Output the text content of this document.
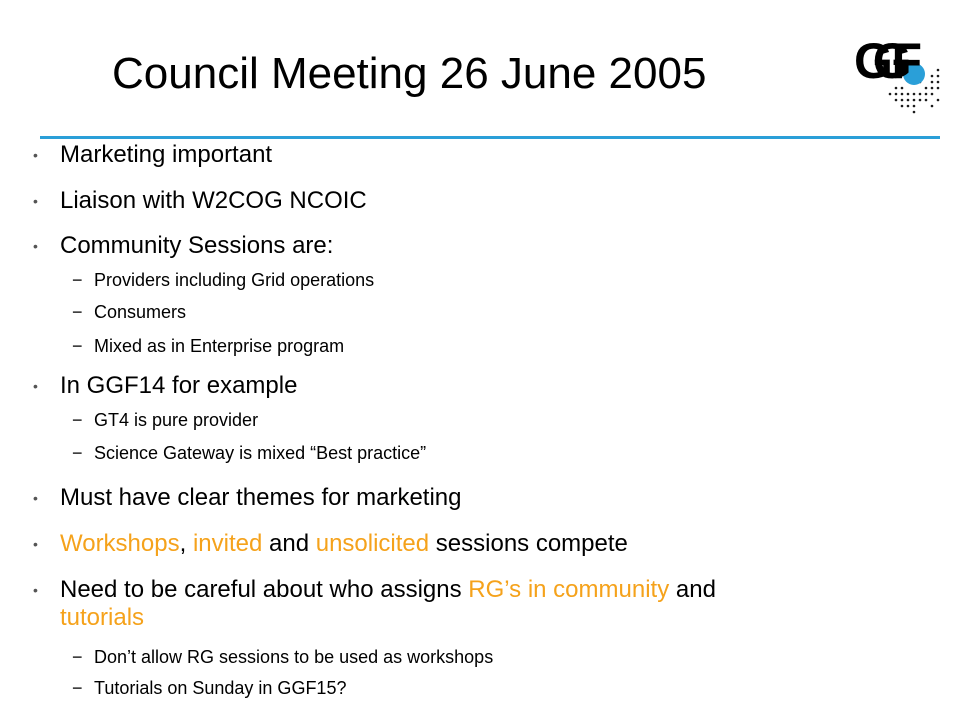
Council Meeting 26 June 2005	GGF
• Marketing important
• Liaison with W2COG NCOIC
• Community Sessions are:
− Providers including Grid operations
− Consumers
− Mixed as in Enterprise program
• In GGF14 for example
− GT4 is pure provider
− Science Gateway is mixed “Best practice”
• Must have clear themes for marketing
• Workshops, invited and unsolicited sessions compete
• Need to be careful about who assigns RG’s in community and
tutorials
− Don’t allow RG sessions to be used as workshops
− Tutorials on Sunday in GGF15?
